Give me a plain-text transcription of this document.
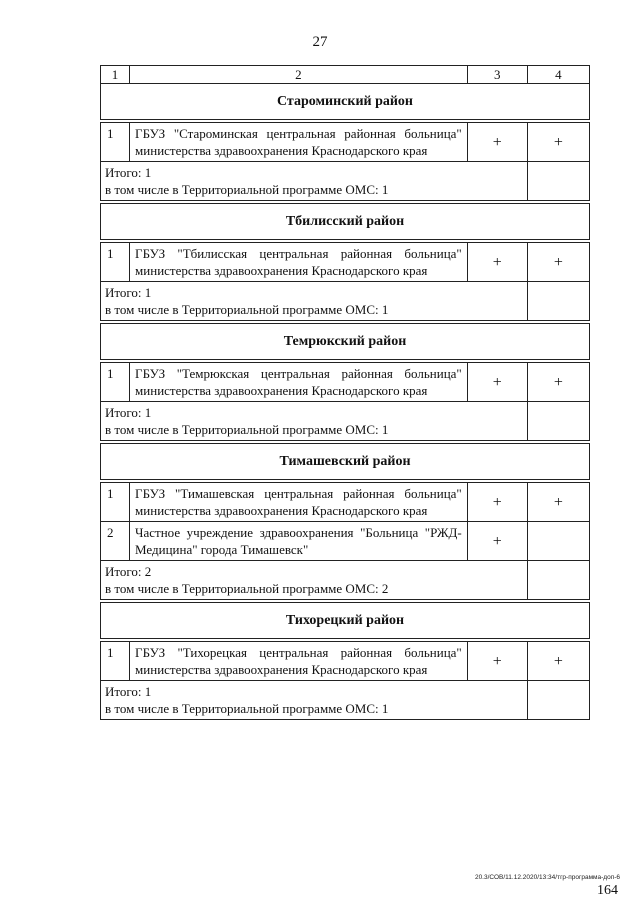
27
1	2	3	4
Староминский район			

1	ГБУЗ "Староминская центральная районная больница" министерства здравоохранения Краснодарского края	+	+

Итого: 1
в том числе в Территориальной программе ОМС: 1			

Тбилисский район			

1	ГБУЗ "Тбилисская центральная районная больница" министерства здравоохранения Краснодарского края	+	+

Итого: 1
в том числе в Территориальной программе ОМС: 1			

Темрюкский район			

1	ГБУЗ "Темрюкская центральная районная больница" министерства здравоохранения Краснодарского края	+	+

Итого: 1
в том числе в Территориальной программе ОМС: 1			

Тимашевский район			

1	ГБУЗ "Тимашевская центральная районная больница" министерства здравоохранения Краснодарского края	+	+
2	Частное учреждение здравоохранения "Больница "РЖД-Медицина" города Тимашевск"	+	

Итого: 2
в том числе в Территориальной программе ОМС: 2			

Тихорецкий район			

1	ГБУЗ "Тихорецкая центральная районная больница" министерства здравоохранения Краснодарского края	+	+

Итого: 1
в том числе в Территориальной программе ОМС: 1			

20.3/СОВ/11.12.2020/13:34/тгр-программа-доп-6
164
